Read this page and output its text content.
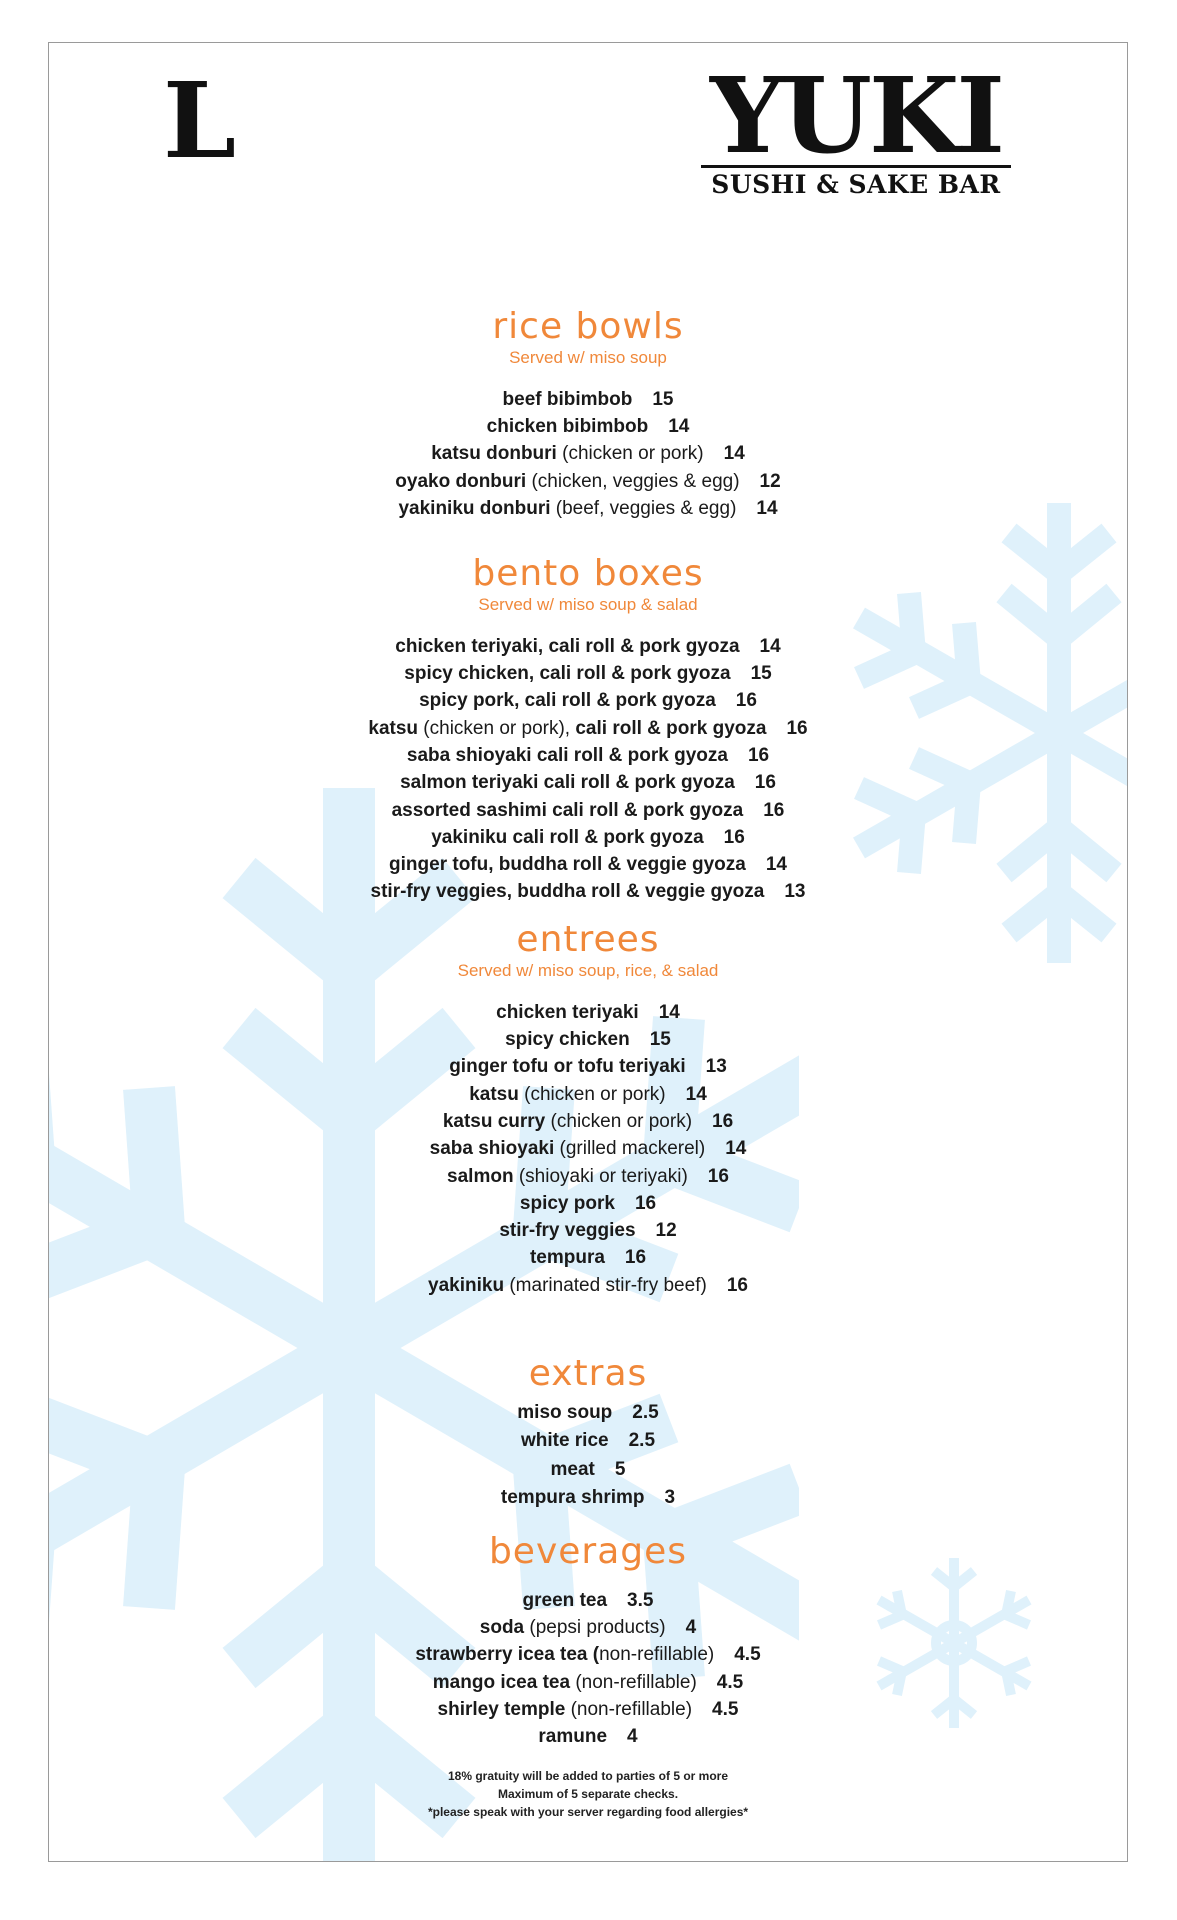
L	YUKI
SUSHI & SAKE BAR
rice bowls
Served w/ miso soup
beef bibimbob 15
chicken bibimbob 14
katsu donburi (chicken or pork) 14
oyako donburi (chicken, veggies & egg) 12
yakiniku donburi (beef, veggies & egg) 14
bento boxes
Served w/ miso soup & salad
chicken teriyaki, cali roll & pork gyoza 14
spicy chicken, cali roll & pork gyoza 15
spicy pork, cali roll & pork gyoza 16
katsu (chicken or pork), cali roll & pork gyoza 16
saba shioyaki cali roll & pork gyoza 16
salmon teriyaki cali roll & pork gyoza 16
assorted sashimi cali roll & pork gyoza 16
yakiniku cali roll & pork gyoza 16
ginger tofu, buddha roll & veggie gyoza 14
stir-fry veggies, buddha roll & veggie gyoza 13
entrees
Served w/ miso soup, rice, & salad
chicken teriyaki 14
spicy chicken 15
ginger tofu or tofu teriyaki 13
katsu (chicken or pork) 14
katsu curry (chicken or pork) 16
saba shioyaki (grilled mackerel) 14
salmon (shioyaki or teriyaki) 16
spicy pork 16
stir-fry veggies 12
tempura 16
yakiniku (marinated stir-fry beef) 16
extras
miso soup 2.5
white rice 2.5
meat 5
tempura shrimp 3
beverages
green tea 3.5
soda (pepsi products) 4
strawberry icea tea (non-refillable) 4.5
mango icea tea (non-refillable) 4.5
shirley temple (non-refillable) 4.5
ramune 4
18% gratuity will be added to parties of 5 or more
Maximum of 5 separate checks.
*please speak with your server regarding food allergies*
